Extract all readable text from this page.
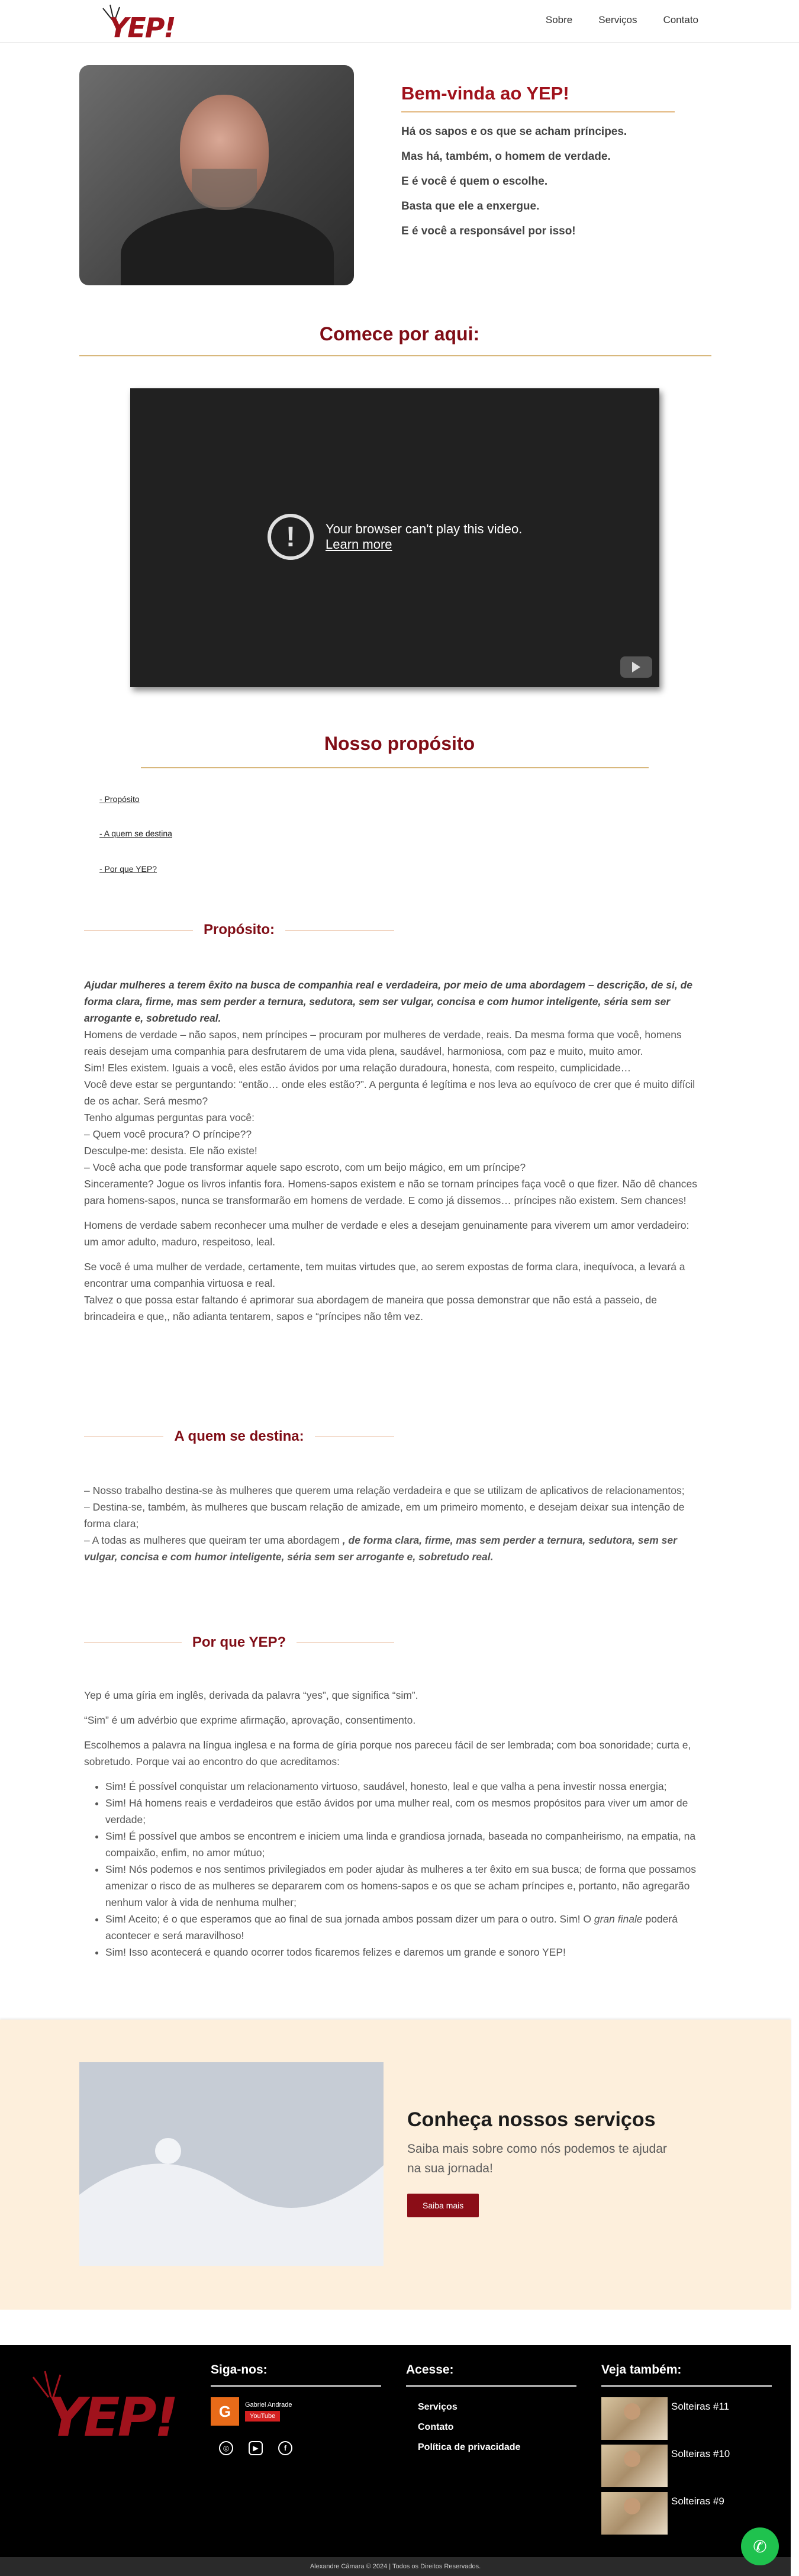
YEP!	Sobre	Serviços	Contato
Bem-vinda ao YEP!

Há os sapos e os que se acham príncipes.

Mas há, também, o homem de verdade.

E é você é quem o escolhe.

Basta que ele a enxergue.

E é você a responsável por isso!

Comece por aqui:
!	Your browser can't play this video.
Learn more
Nosso propósito
- Propósito
- A quem se destina
- Por que YEP?
Propósito:

Ajudar mulheres a terem êxito na busca de companhia real e verdadeira, por meio de uma abordagem – descrição, de si, de forma clara, firme, mas sem perder a ternura, sedutora, sem ser vulgar, concisa e com humor inteligente, séria sem ser arrogante e, sobretudo real.

Homens de verdade – não sapos, nem príncipes – procuram por mulheres de verdade, reais. Da mesma forma que você, homens reais desejam uma companhia para desfrutarem de uma vida plena, saudável, harmoniosa, com paz e muito, muito amor.

Sim! Eles existem. Iguais a você, eles estão ávidos por uma relação duradoura, honesta, com respeito, cumplicidade…

Você deve estar se perguntando: “então… onde eles estão?”. A pergunta é legítima e nos leva ao equívoco de crer que é muito difícil de os achar. Será mesmo?

Tenho algumas perguntas para você:

– Quem você procura? O príncipe??

Desculpe-me: desista. Ele não existe!

– Você acha que pode transformar aquele sapo escroto, com um beijo mágico, em um príncipe?

Sinceramente? Jogue os livros infantis fora. Homens-sapos existem e não se tornam príncipes faça você o que fizer. Não dê chances para homens-sapos, nunca se transformarão em homens de verdade. E como já dissemos… príncipes não existem. Sem chances!

Homens de verdade sabem reconhecer uma mulher de verdade e eles a desejam genuinamente para viverem um amor verdadeiro: um amor adulto, maduro, respeitoso, leal.

Se você é uma mulher de verdade, certamente, tem muitas virtudes que, ao serem expostas de forma clara, inequívoca, a levará a encontrar uma companhia virtuosa e real.

Talvez o que possa estar faltando é aprimorar sua abordagem de maneira que possa demonstrar que não está a passeio, de brincadeira e que,, não adianta tentarem, sapos e “príncipes não têm vez.

A quem se destina:

– Nosso trabalho destina-se às mulheres que querem uma relação verdadeira e que se utilizam de aplicativos de relacionamentos;

– Destina-se, também, às mulheres que buscam relação de amizade, em um primeiro momento, e desejam deixar sua intenção de forma clara;

– A todas as mulheres que queiram ter uma abordagem , de forma clara, firme, mas sem perder a ternura, sedutora, sem ser vulgar, concisa e com humor inteligente, séria sem ser arrogante e, sobretudo real.

Por que YEP?

Yep é uma gíria em inglês, derivada da palavra “yes”, que significa “sim”.

“Sim” é um advérbio que exprime afirmação, aprovação, consentimento.

Escolhemos a palavra na língua inglesa e na forma de gíria porque nos pareceu fácil de ser lembrada; com boa sonoridade; curta e, sobretudo. Porque vai ao encontro do que acreditamos:

• Sim! É possível conquistar um relacionamento virtuoso, saudável, honesto, leal e que valha a pena investir nossa energia;
• Sim! Há homens reais e verdadeiros que estão ávidos por uma mulher real, com os mesmos propósitos para viver um amor de verdade;
• Sim! É possível que ambos se encontrem e iniciem uma linda e grandiosa jornada, baseada no companheirismo, na empatia, na compaixão, enfim, no amor mútuo;
• Sim! Nós podemos e nos sentimos privilegiados em poder ajudar às mulheres a ter êxito em sua busca; de forma que possamos amenizar o risco de as mulheres se depararem com os homens-sapos e os que se acham príncipes e, portanto, não agregarão nenhum valor à vida de nenhuma mulher;
• Sim! Aceito; é o que esperamos que ao final de sua jornada ambos possam dizer um para o outro. Sim! O gran finale poderá acontecer e será maravilhoso!
• Sim! Isso acontecerá e quando ocorrer todos ficaremos felizes e daremos um grande e sonoro YEP!
Conheça nossos serviços

Saiba mais sobre como nós podemos te ajudar na sua jornada!

Saiba mais
YEP!
Siga-nos:
G	Gabriel Andrade
YouTube
◎	▶	f
Acesse:
Serviços
Contato
Política de privacidade
Veja também:
Solteiras #11
Solteiras #10
Solteiras #9
Alexandre Câmara © 2024 | Todos os Direitos Reservados.
✆
